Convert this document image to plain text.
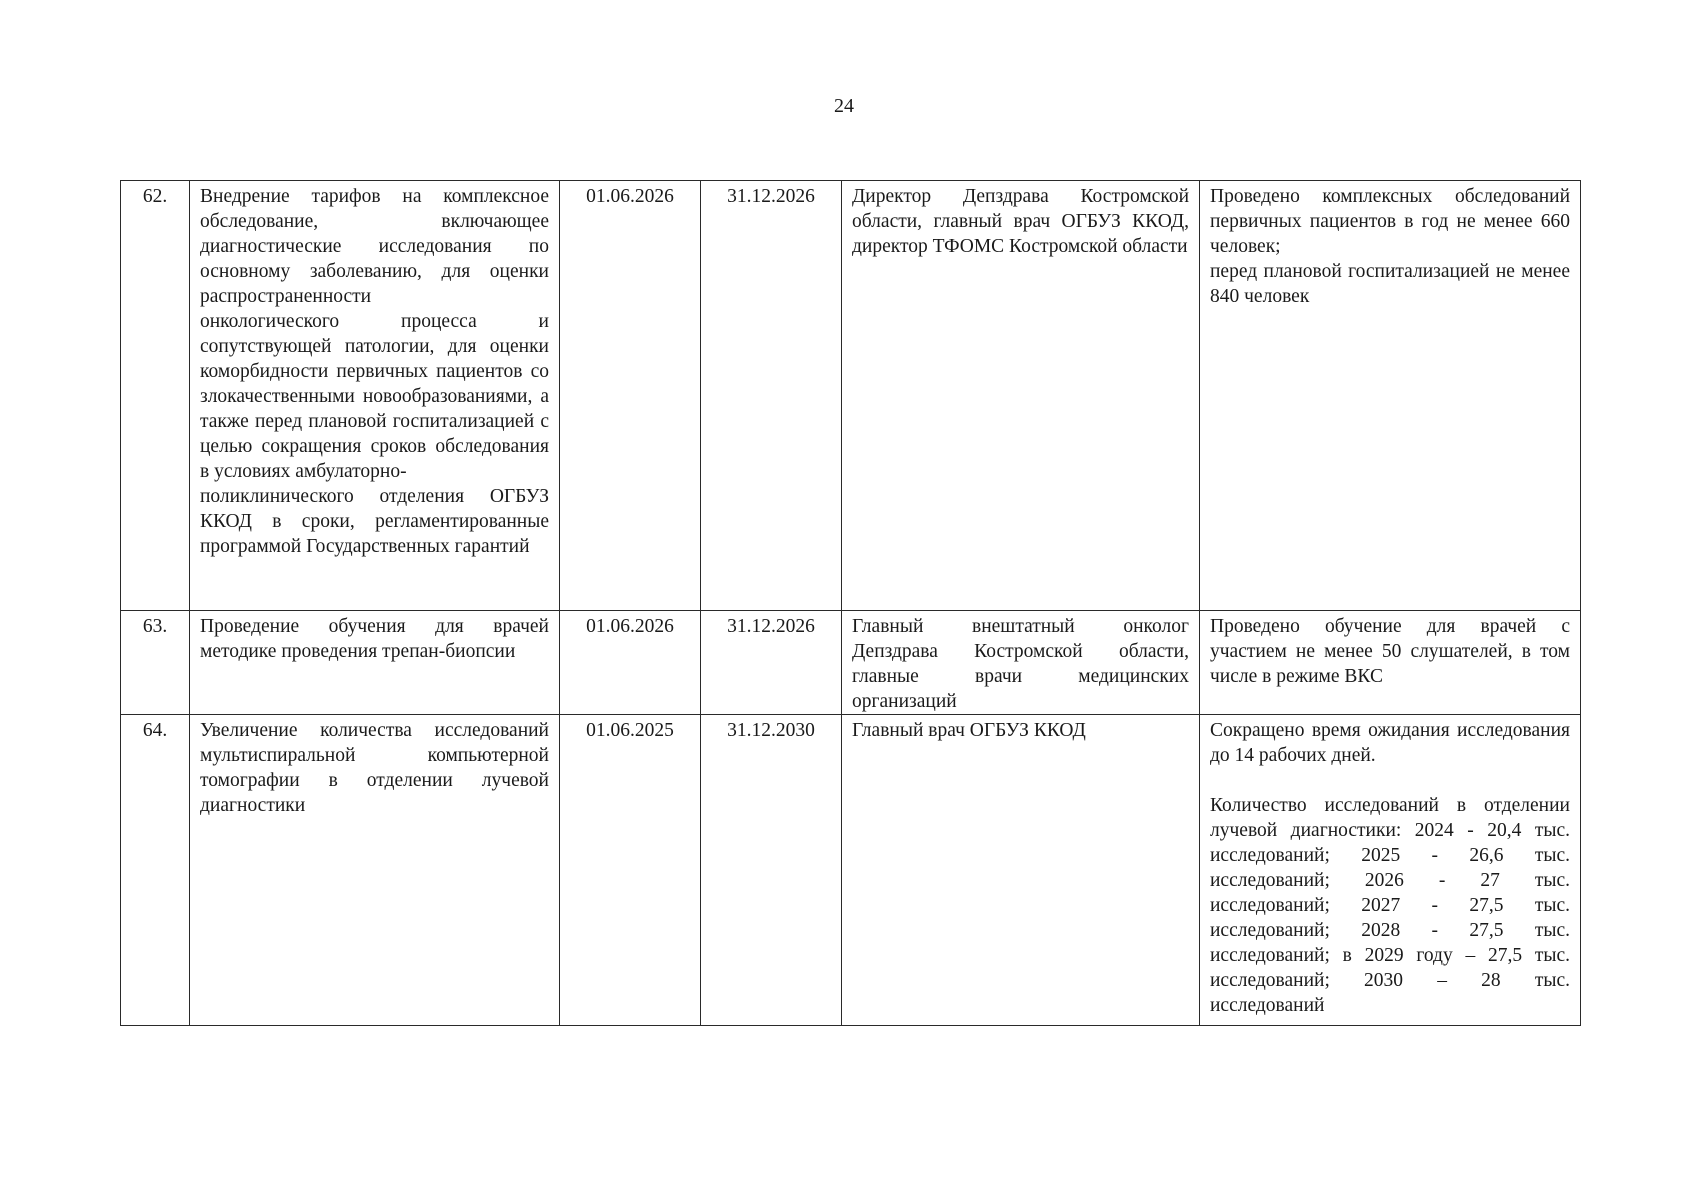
24
62.	Внедрение тарифов на комплексное обследование, включающее диагностические исследования по основному заболеванию, для оценки распространенности
онкологического процесса и сопутствующей патологии, для оценки коморбидности первичных пациентов со злокачественными новообразованиями, а также перед плановой госпитализацией с целью сокращения сроков обследования в условиях амбулаторно-
поликлинического отделения ОГБУЗ ККОД в сроки, регламентированные программой Государственных гарантий	01.06.2026	31.12.2026	Директор Депздрава Костромской области, главный врач ОГБУЗ ККОД, директор ТФОМС Костромской области	Проведено комплексных обследований первичных пациентов в год не менее 660 человек;
перед плановой госпитализацией не менее 840 человек

63.	Проведение обучения для врачей методике проведения трепан-биопсии	01.06.2026	31.12.2026	Главный внештатный онколог Депздрава Костромской области, главные врачи медицинских организаций	Проведено обучение для врачей с участием не менее 50 слушателей, в том числе в режиме ВКС

64.	Увеличение количества исследований мультиспиральной компьютерной томографии в отделении лучевой диагностики	01.06.2025	31.12.2030	Главный врач ОГБУЗ ККОД	Сокращено время ожидания исследования до 14 рабочих дней.
Количество исследований в отделении лучевой диагностики: 2024 - 20,4 тыс. исследований; 2025 - 26,6 тыс. исследований; 2026 - 27 тыс. исследований; 2027 - 27,5 тыс. исследований; 2028 - 27,5 тыс. исследований; в 2029 году – 27,5 тыс. исследований; 2030 – 28 тыс. исследований
